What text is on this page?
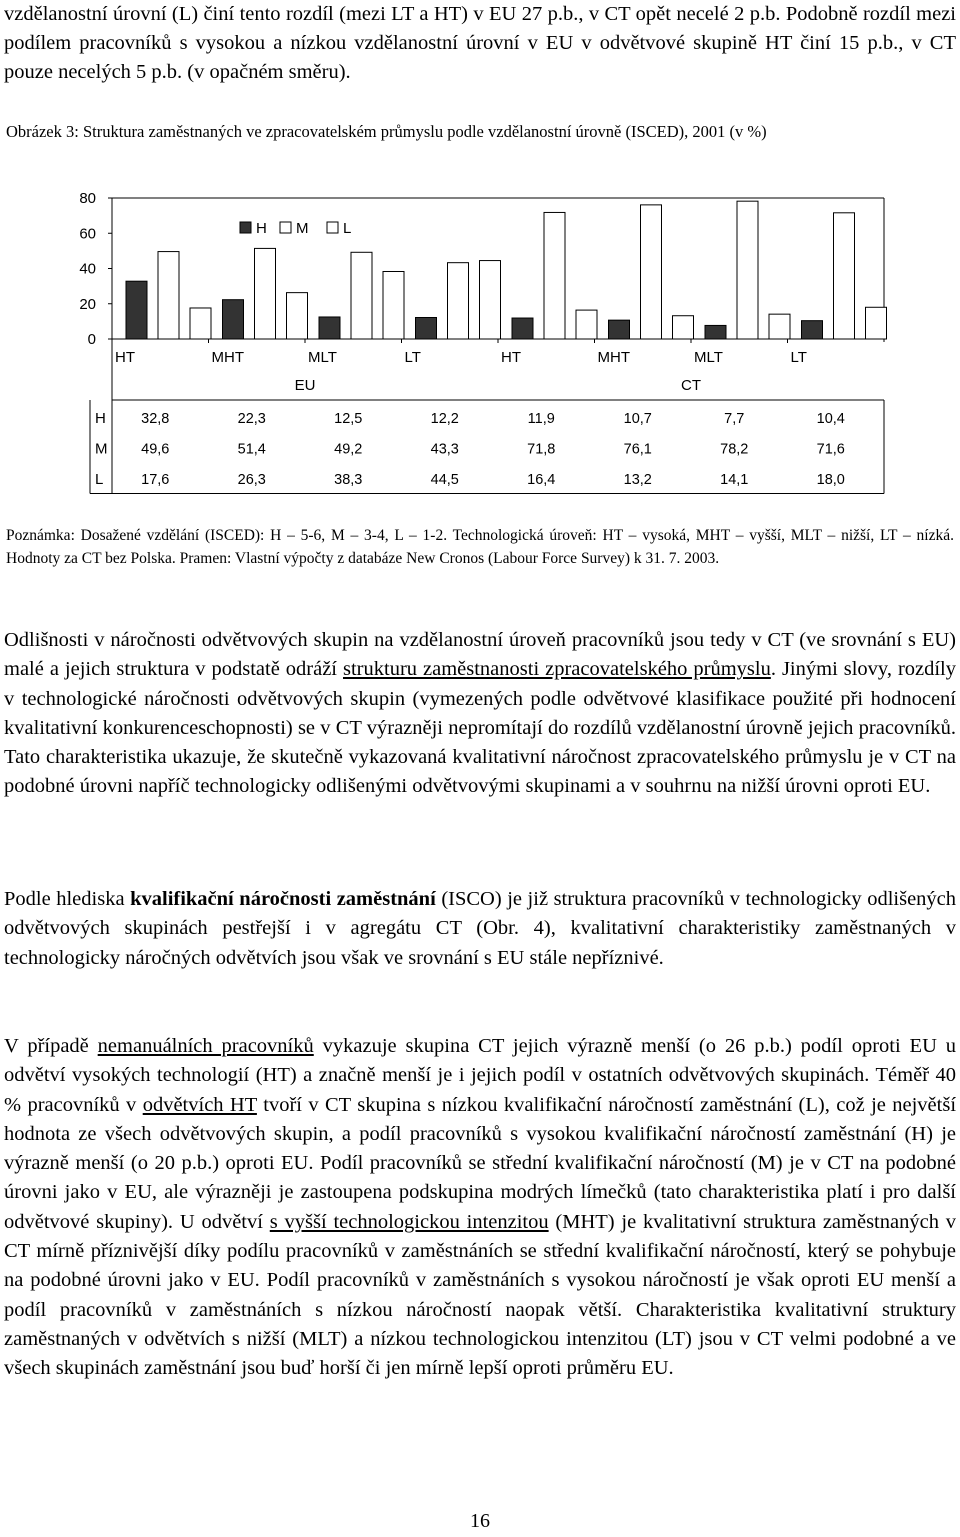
vzdělanostní úrovní (L) činí tento rozdíl (mezi LT a HT) v EU 27 p.b., v CT opět necelé 2 p.b. Podobně rozdíl mezi podílem pracovníků s vysokou a nízkou vzdělanostní úrovní v EU v odvětvové skupině HT činí 15 p.b., v CT pouze necelých 5 p.b. (v opačném směru).
Obrázek 3: Struktura zaměstnaných ve zpracovatelském průmyslu podle vzdělanostní úrovně (ISCED), 2001 (v %)
0
20
40
60
80
HT	MHT	MLT	LT	HT	MHT	MLT	LT
EU	CT
H M L
H 32,8	22,3	12,5	12,2	11,9	10,7	7,7	10,4
M 49,6	51,4	49,2	43,3	71,8	76,1	78,2	71,6
L	17,6	26,3	38,3	44,5	16,4	13,2	14,1	18,0
Poznámka: Dosažené vzdělání (ISCED): H – 5-6, M – 3-4, L – 1-2. Technologická úroveň: HT – vysoká, MHT – vyšší, MLT – nižší, LT – nízká. Hodnoty za CT bez Polska. Pramen: Vlastní výpočty z databáze New Cronos (Labour Force Survey) k 31. 7. 2003.
Odlišnosti v náročnosti odvětvových skupin na vzdělanostní úroveň pracovníků jsou tedy v CT (ve srovnání s EU) malé a jejich struktura v podstatě odráží strukturu zaměstnanosti zpracovatelského průmyslu. Jinými slovy, rozdíly v technologické náročnosti odvětvových skupin (vymezených podle odvětvové klasifikace použité při hodnocení kvalitativní konkurenceschopnosti) se v CT výrazněji nepromítají do rozdílů vzdělanostní úrovně jejich pracovníků. Tato charakteristika ukazuje, že skutečně vykazovaná kvalitativní náročnost zpracovatelského průmyslu je v CT na podobné úrovni napříč technologicky odlišenými odvětvovými skupinami a v souhrnu na nižší úrovni oproti EU.
Podle hlediska kvalifikační náročnosti zaměstnání (ISCO) je již struktura pracovníků v technologicky odlišených odvětvových skupinách pestřejší i v agregátu CT (Obr. 4), kvalitativní charakteristiky zaměstnaných v technologicky náročných odvětvích jsou však ve srovnání s EU stále nepříznivé.
V případě nemanuálních pracovníků vykazuje skupina CT jejich výrazně menší (o 26 p.b.) podíl oproti EU u odvětví vysokých technologií (HT) a značně menší je i jejich podíl v ostatních odvětvových skupinách. Téměř 40 % pracovníků v odvětvích HT tvoří v CT skupina s nízkou kvalifikační náročností zaměstnání (L), což je největší hodnota ze všech odvětvových skupin, a podíl pracovníků s vysokou kvalifikační náročností zaměstnání (H) je výrazně menší (o 20 p.b.) oproti EU. Podíl pracovníků se střední kvalifikační náročností (M) je v CT na podobné úrovni jako v EU, ale výrazněji je zastoupena podskupina modrých límečků (tato charakteristika platí i pro další odvětvové skupiny). U odvětví s vyšší technologickou intenzitou (MHT) je kvalitativní struktura zaměstnaných v CT mírně příznivější díky podílu pracovníků v zaměstnáních se střední kvalifikační náročností, který se pohybuje na podobné úrovni jako v EU. Podíl pracovníků v zaměstnáních s vysokou náročností je však oproti EU menší a podíl pracovníků v zaměstnáních s nízkou náročností naopak větší. Charakteristika kvalitativní struktury zaměstnaných v odvětvích s nižší (MLT) a nízkou technologickou intenzitou (LT) jsou v CT velmi podobné a ve všech skupinách zaměstnání jsou buď horší či jen mírně lepší oproti průměru EU.
16
